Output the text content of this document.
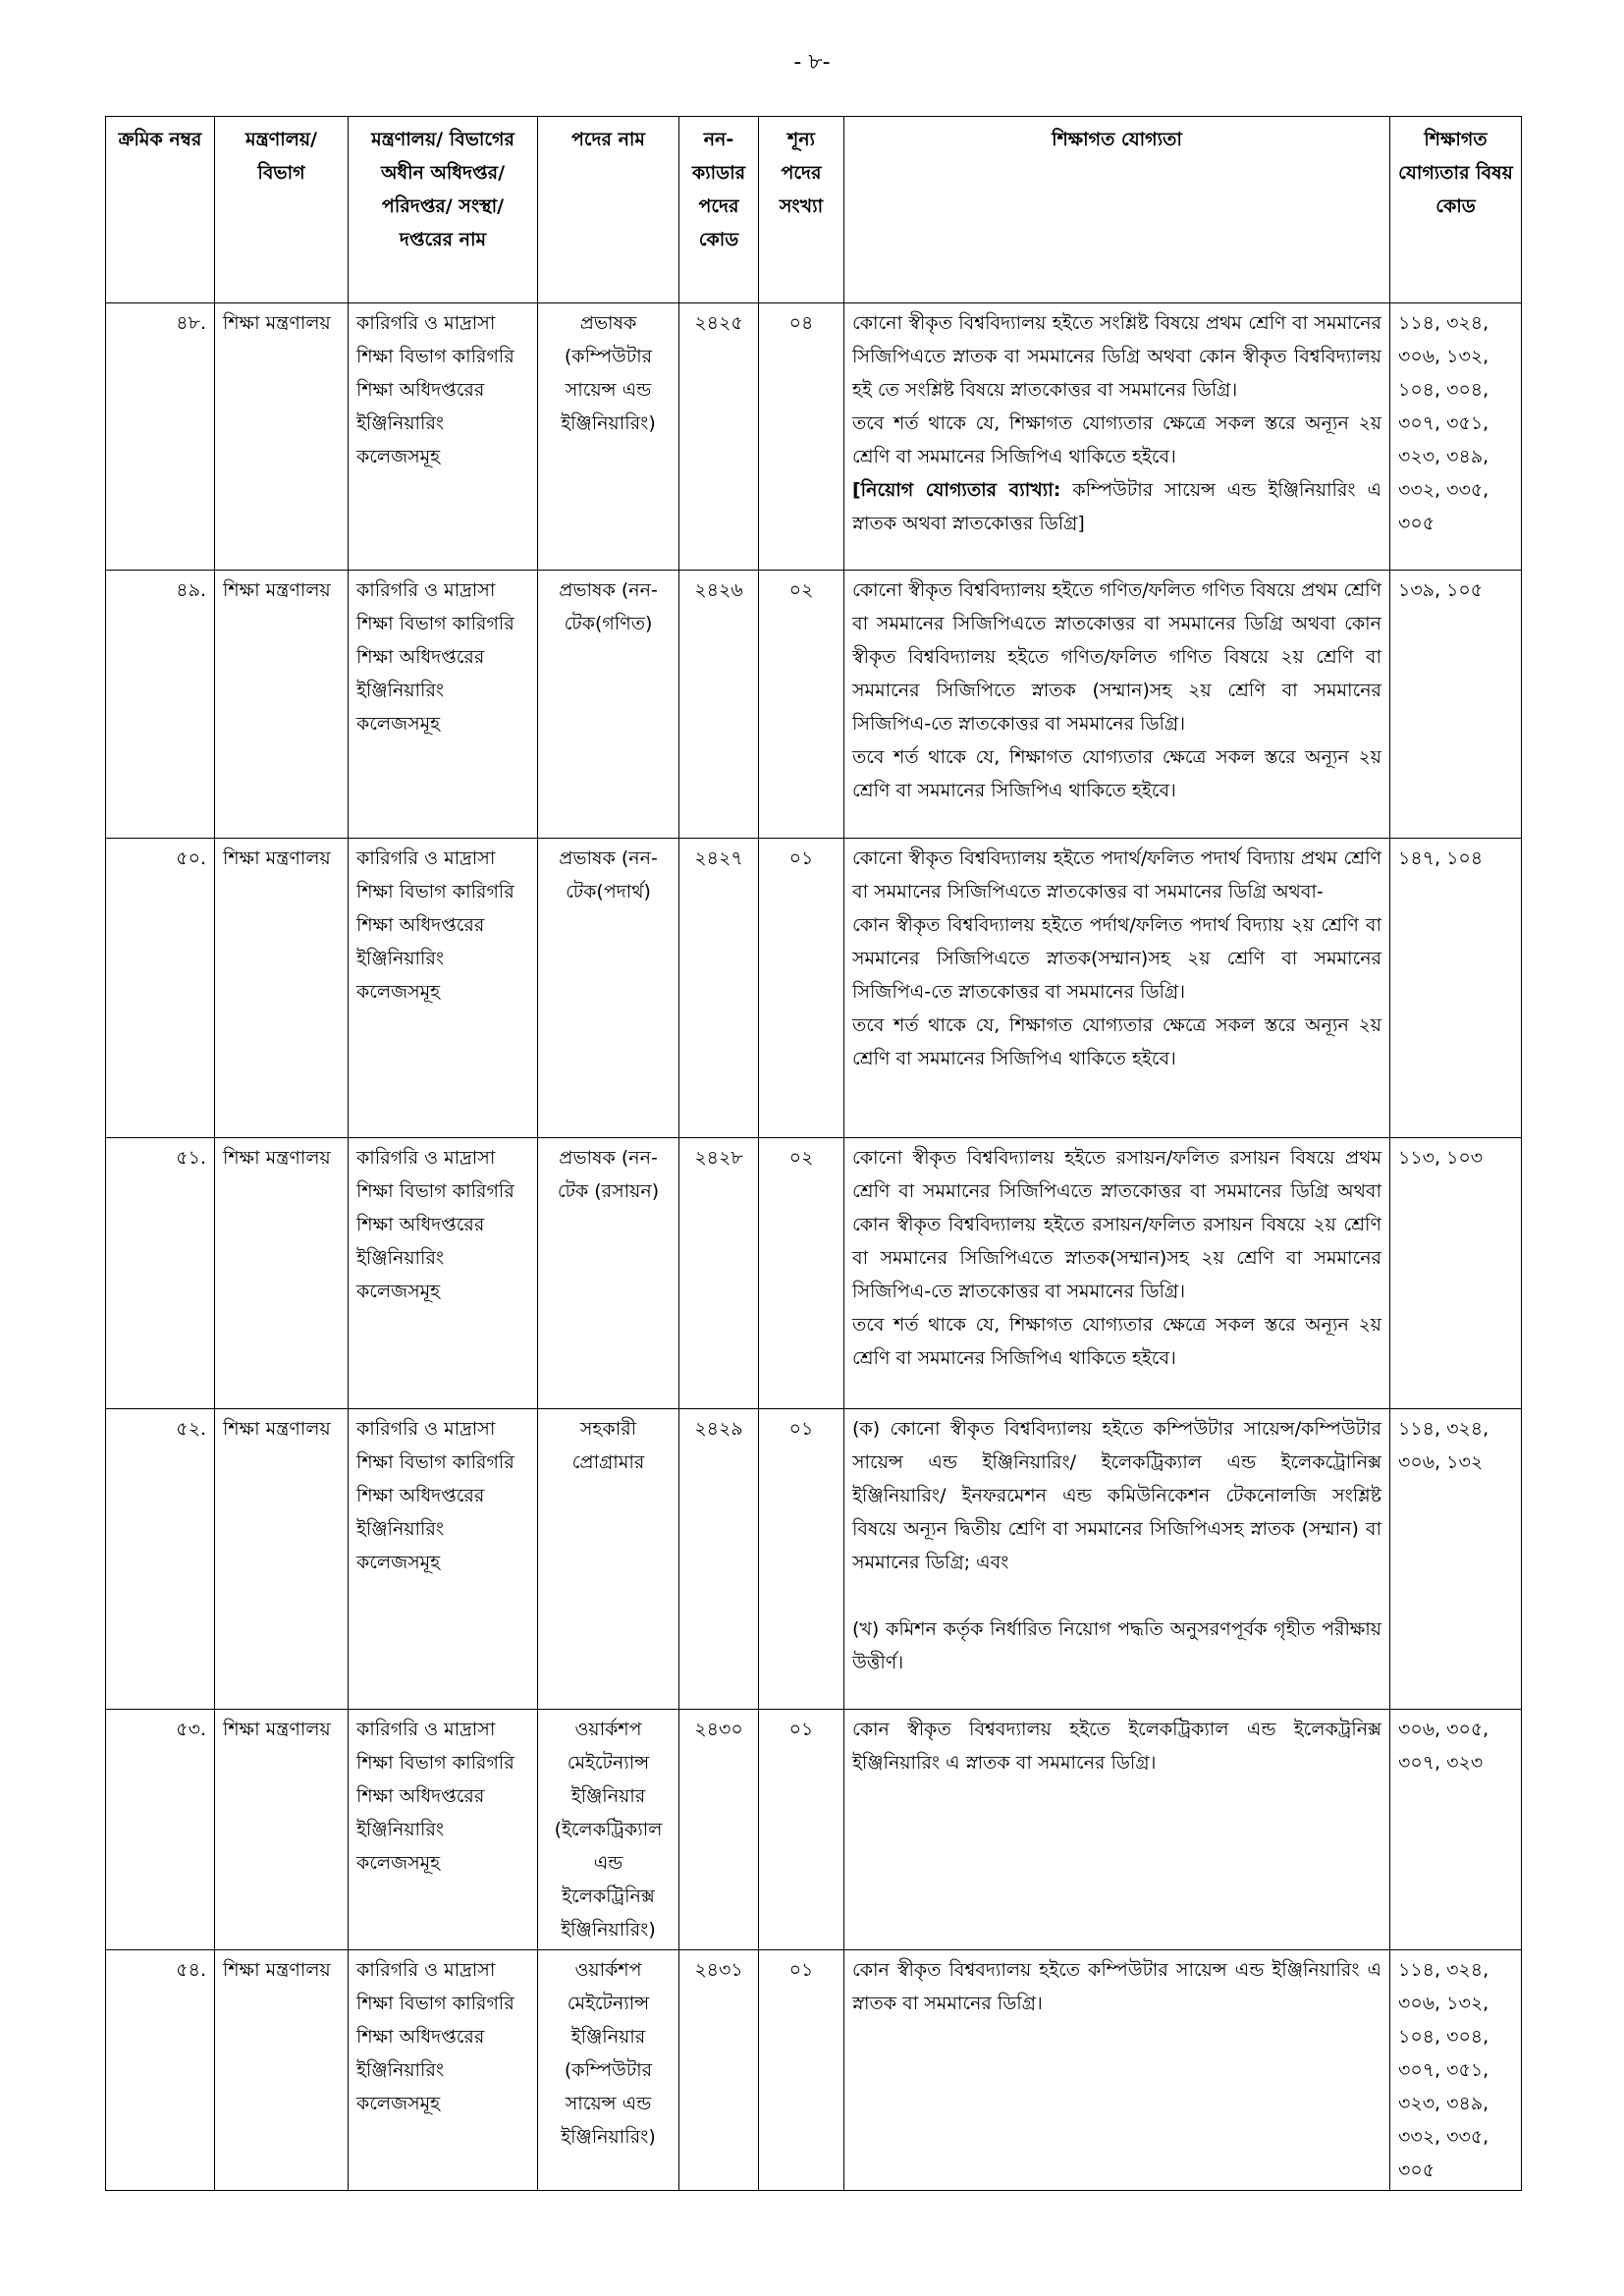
- ৮-
ক্রমিক নম্বর	মন্ত্রণালয়/ বিভাগ	মন্ত্রণালয়/ বিভাগের অধীন অধিদপ্তর/ পরিদপ্তর/ সংস্থা/ দপ্তরের নাম	পদের নাম	নন-ক্যাডার পদের কোড	শূন্য পদের সংখ্যা	শিক্ষাগত যোগ্যতা	শিক্ষাগত যোগ্যতার বিষয় কোড
৪৮.	শিক্ষা মন্ত্রণালয়	কারিগরি ও মাদ্রাসা শিক্ষা বিভাগ কারিগরি শিক্ষা অধিদপ্তরের ইঞ্জিনিয়ারিং কলেজসমূহ	প্রভাষক (কম্পিউটার সায়েন্স এন্ড ইঞ্জিনিয়ারিং)	২৪২৫	০৪	কোনো স্বীকৃত বিশ্ববিদ্যালয় হইতে সংশ্লিষ্ট বিষয়ে প্রথম শ্রেণি বা সমমানের সিজিপিএতে স্নাতক বা সমমানের ডিগ্রি অথবা কোন স্বীকৃত বিশ্ববিদ্যালয় হই তে সংশ্লিষ্ট বিষয়ে স্নাতকোত্তর বা সমমানের ডিগ্রি।
তবে শর্ত থাকে যে, শিক্ষাগত যোগ্যতার ক্ষেত্রে সকল স্তরে অন্যূন ২য় শ্রেণি বা সমমানের সিজিপিএ থাকিতে হইবে।
[নিয়োগ যোগ্যতার ব্যাখ্যা: কম্পিউটার সায়েন্স এন্ড ইঞ্জিনিয়ারিং এ স্নাতক অথবা স্নাতকোত্তর ডিগ্রি]	১১৪, ৩২৪, ৩০৬, ১৩২, ১০৪, ৩০৪, ৩০৭, ৩৫১, ৩২৩, ৩৪৯, ৩৩২, ৩৩৫, ৩০৫
৪৯.	শিক্ষা মন্ত্রণালয়	কারিগরি ও মাদ্রাসা শিক্ষা বিভাগ কারিগরি শিক্ষা অধিদপ্তরের ইঞ্জিনিয়ারিং কলেজসমূহ	প্রভাষক (নন-টেক(গণিত)	২৪২৬	০২	কোনো স্বীকৃত বিশ্ববিদ্যালয় হইতে গণিত/ফলিত গণিত বিষয়ে প্রথম শ্রেণি বা সমমানের সিজিপিএতে স্নাতকোত্তর বা সমমানের ডিগ্রি অথবা কোন স্বীকৃত বিশ্ববিদ্যালয় হইতে গণিত/ফলিত গণিত বিষয়ে ২য় শ্রেণি বা সমমানের সিজিপিতে স্নাতক (সম্মান)সহ ২য় শ্রেণি বা সমমানের সিজিপিএ-তে স্নাতকোত্তর বা সমমানের ডিগ্রি।
তবে শর্ত থাকে যে, শিক্ষাগত যোগ্যতার ক্ষেত্রে সকল স্তরে অন্যূন ২য় শ্রেণি বা সমমানের সিজিপিএ থাকিতে হইবে।	১৩৯, ১০৫
৫০.	শিক্ষা মন্ত্রণালয়	কারিগরি ও মাদ্রাসা শিক্ষা বিভাগ কারিগরি শিক্ষা অধিদপ্তরের ইঞ্জিনিয়ারিং কলেজসমূহ	প্রভাষক (নন-টেক(পদার্থ)	২৪২৭	০১	কোনো স্বীকৃত বিশ্ববিদ্যালয় হইতে পদার্থ/ফলিত পদার্থ বিদ্যায় প্রথম শ্রেণি বা সমমানের সিজিপিএতে স্নাতকোত্তর বা সমমানের ডিগ্রি অথবা-
কোন স্বীকৃত বিশ্ববিদ্যালয় হইতে পর্দাথ/ফলিত পদার্থ বিদ্যায় ২য় শ্রেণি বা সমমানের সিজিপিএতে স্নাতক(সম্মান)সহ ২য় শ্রেণি বা সমমানের সিজিপিএ-তে স্নাতকোত্তর বা সমমানের ডিগ্রি।
তবে শর্ত থাকে যে, শিক্ষাগত যোগ্যতার ক্ষেত্রে সকল স্তরে অন্যূন ২য় শ্রেণি বা সমমানের সিজিপিএ থাকিতে হইবে।	১৪৭, ১০৪
৫১.	শিক্ষা মন্ত্রণালয়	কারিগরি ও মাদ্রাসা শিক্ষা বিভাগ কারিগরি শিক্ষা অধিদপ্তরের ইঞ্জিনিয়ারিং কলেজসমূহ	প্রভাষক (নন-টেক (রসায়ন)	২৪২৮	০২	কোনো স্বীকৃত বিশ্ববিদ্যালয় হইতে রসায়ন/ফলিত রসায়ন বিষয়ে প্রথম শ্রেণি বা সমমানের সিজিপিএতে স্নাতকোত্তর বা সমমানের ডিগ্রি অথবা কোন স্বীকৃত বিশ্ববিদ্যালয় হইতে রসায়ন/ফলিত রসায়ন বিষয়ে ২য় শ্রেণি বা সমমানের সিজিপিএতে স্নাতক(সম্মান)সহ ২য় শ্রেণি বা সমমানের সিজিপিএ-তে স্নাতকোত্তর বা সমমানের ডিগ্রি।
তবে শর্ত থাকে যে, শিক্ষাগত যোগ্যতার ক্ষেত্রে সকল স্তরে অন্যূন ২য় শ্রেণি বা সমমানের সিজিপিএ থাকিতে হইবে।	১১৩, ১০৩
৫২.	শিক্ষা মন্ত্রণালয়	কারিগরি ও মাদ্রাসা শিক্ষা বিভাগ কারিগরি শিক্ষা অধিদপ্তরের ইঞ্জিনিয়ারিং কলেজসমূহ	সহকারী প্রোগ্রামার	২৪২৯	০১	(ক) কোনো স্বীকৃত বিশ্ববিদ্যালয় হইতে কম্পিউটার সায়েন্স/কম্পিউটার সায়েন্স এন্ড ইঞ্জিনিয়ারিং/ ইলেকট্রিক্যাল এন্ড ইলেকট্রোনিক্স ইঞ্জিনিয়ারিং/ ইনফরমেশন এন্ড কমিউনিকেশন টেকনোলজি সংশ্লিষ্ট বিষয়ে অন্যূন দ্বিতীয় শ্রেণি বা সমমানের সিজিপিএসহ স্নাতক (সম্মান) বা সমমানের ডিগ্রি; এবং
(খ) কমিশন কর্তৃক নির্ধারিত নিয়োগ পদ্ধতি অনুসরণপূর্বক গৃহীত পরীক্ষায় উত্তীর্ণ।	১১৪, ৩২৪, ৩০৬, ১৩২
৫৩.	শিক্ষা মন্ত্রণালয়	কারিগরি ও মাদ্রাসা শিক্ষা বিভাগ কারিগরি শিক্ষা অধিদপ্তরের ইঞ্জিনিয়ারিং কলেজসমূহ	ওয়ার্কশপ মেইটেন্যান্স ইঞ্জিনিয়ার (ইলেকট্রিক্যাল এন্ড ইলেকট্রিনিক্স ইঞ্জিনিয়ারিং)	২৪৩০	০১	কোন স্বীকৃত বিশ্ববদ্যালয় হইতে ইলেকট্রিক্যাল এন্ড ইলেকট্রনিক্স ইঞ্জিনিয়ারিং এ স্নাতক বা সমমানের ডিগ্রি।	৩০৬, ৩০৫, ৩০৭, ৩২৩
৫৪.	শিক্ষা মন্ত্রণালয়	কারিগরি ও মাদ্রাসা শিক্ষা বিভাগ কারিগরি শিক্ষা অধিদপ্তরের ইঞ্জিনিয়ারিং কলেজসমূহ	ওয়ার্কশপ মেইটেন্যান্স ইঞ্জিনিয়ার (কম্পিউটার সায়েন্স এন্ড ইঞ্জিনিয়ারিং)	২৪৩১	০১	কোন স্বীকৃত বিশ্ববদ্যালয় হইতে কম্পিউটার সায়েন্স এন্ড ইঞ্জিনিয়ারিং এ স্নাতক বা সমমানের ডিগ্রি।	১১৪, ৩২৪, ৩০৬, ১৩২, ১০৪, ৩০৪, ৩০৭, ৩৫১, ৩২৩, ৩৪৯, ৩৩২, ৩৩৫, ৩০৫
